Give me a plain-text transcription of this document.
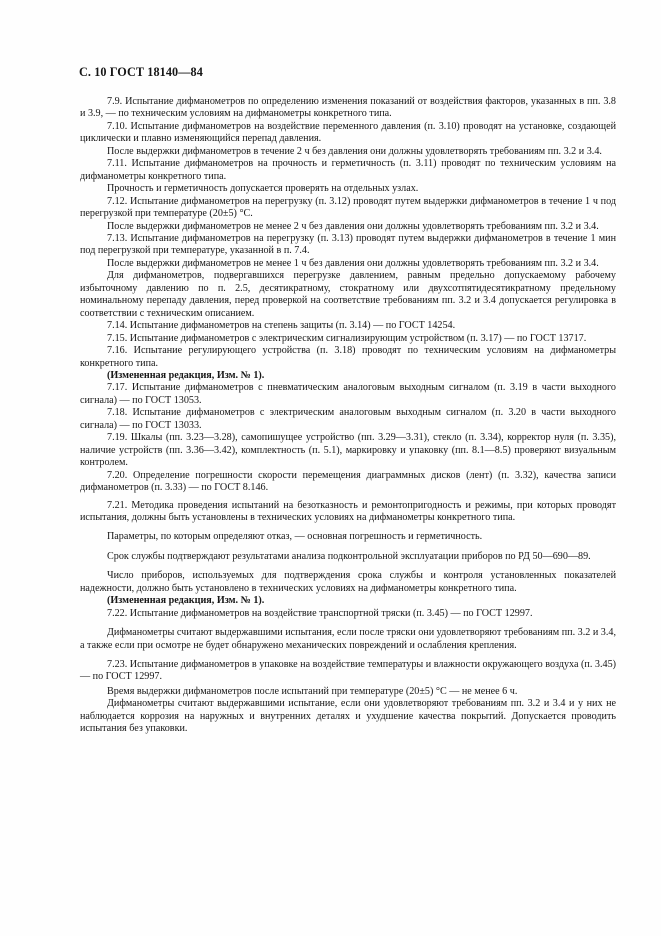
С. 10 ГОСТ 18140—84

7.9. Испытание дифманометров по определению изменения показаний от воздействия факторов, указанных в пп. 3.8 и 3.9, — по техническим условиям на дифманометры конкретного типа.

7.10. Испытание дифманометров на воздействие переменного давления (п. 3.10) проводят на установке, создающей циклически и плавно изменяющийся перепад давления.

После выдержки дифманометров в течение 2 ч без давления они должны удовлетворять требованиям пп. 3.2 и 3.4.

7.11. Испытание дифманометров на прочность и герметичность (п. 3.11) проводят по техническим условиям на дифманометры конкретного типа.

Прочность и герметичность допускается проверять на отдельных узлах.

7.12. Испытание дифманометров на перегрузку (п. 3.12) проводят путем выдержки дифманометров в течение 1 ч под перегрузкой при температуре (20±5) °С.

После выдержки дифманометров не менее 2 ч без давления они должны удовлетворять требованиям пп. 3.2 и 3.4.

7.13. Испытание дифманометров на перегрузку (п. 3.13) проводят путем выдержки дифманометров в течение 1 мин под перегрузкой при температуре, указанной в п. 7.4.

После выдержки дифманометров не менее 1 ч без давления они должны удовлетворять требованиям пп. 3.2 и 3.4.

Для дифманометров, подвергавшихся перегрузке давлением, равным предельно допускаемому рабочему избыточному давлению по п. 2.5, десятикратному, стократному или двухсотпятидесятикратному предельному номинальному перепаду давления, перед проверкой на соответствие требованиям пп. 3.2 и 3.4 допускается регулировка в соответствии с техническим описанием.

7.14. Испытание дифманометров на степень защиты (п. 3.14) — по ГОСТ 14254.

7.15. Испытание дифманометров с электрическим сигнализирующим устройством (п. 3.17) — по ГОСТ 13717.

7.16. Испытание регулирующего устройства (п. 3.18) проводят по техническим условиям на дифманометры конкретного типа.

(Измененная редакция, Изм. № 1).

7.17. Испытание дифманометров с пневматическим аналоговым выходным сигналом (п. 3.19 в части выходного сигнала) — по ГОСТ 13053.

7.18. Испытание дифманометров с электрическим аналоговым выходным сигналом (п. 3.20 в части выходного сигнала) — по ГОСТ 13033.

7.19. Шкалы (пп. 3.23—3.28), самопишущее устройство (пп. 3.29—3.31), стекло (п. 3.34), корректор нуля (п. 3.35), наличие устройств (пп. 3.36—3.42), комплектность (п. 5.1), маркировку и упаковку (пп. 8.1—8.5) проверяют визуальным контролем.

7.20. Определение погрешности скорости перемещения диаграммных дисков (лент) (п. 3.32), качества записи дифманометров (п. 3.33) — по ГОСТ 8.146.

7.21. Методика проведения испытаний на безотказность и ремонтопригодность и режимы, при которых проводят испытания, должны быть установлены в технических условиях на дифманометры конкретного типа.

Параметры, по которым определяют отказ, — основная погрешность и герметичность.

Срок службы подтверждают результатами анализа подконтрольной эксплуатации приборов по РД 50—690—89.

Число приборов, используемых для подтверждения срока службы и контроля установленных показателей надежности, должно быть установлено в технических условиях на дифманометры конкретного типа.

(Измененная редакция, Изм. № 1).

7.22. Испытание дифманометров на воздействие транспортной тряски (п. 3.45) — по ГОСТ 12997.

Дифманометры считают выдержавшими испытания, если после тряски они удовлетворяют требованиям пп. 3.2 и 3.4, а также если при осмотре не будет обнаружено механических повреждений и ослабления крепления.

7.23. Испытание дифманометров в упаковке на воздействие температуры и влажности окружающего воздуха (п. 3.45) — по ГОСТ 12997.

Время выдержки дифманометров после испытаний при температуре (20±5) °С — не менее 6 ч.

Дифманометры считают выдержавшими испытание, если они удовлетворяют требованиям пп. 3.2 и 3.4 и у них не наблюдается коррозия на наружных и внутренних деталях и ухудшение качества покрытий. Допускается проводить испытания без упаковки.
